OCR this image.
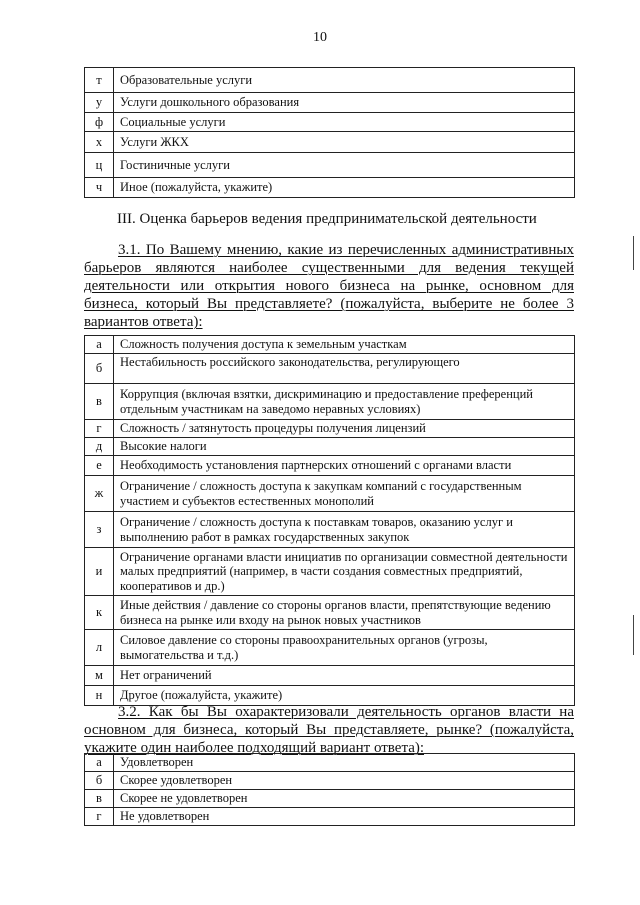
10
т	Образовательные услуги
у	Услуги дошкольного образования
ф	Социальные услуги
х	Услуги ЖКХ
ц	Гостиничные услуги
ч	Иное (пожалуйста, укажите)
III. Оценка барьеров ведения предпринимательской деятельности

3.1. По Вашему мнению, какие из перечисленных административных барьеров являются наиболее существенными для ведения текущей деятельности или открытия нового бизнеса на рынке, основном для бизнеса, который Вы представляете? (пожалуйста, выберите не более 3 вариантов ответа):

а	Сложность получения доступа к земельным участкам
б	Нестабильность российского законодательства, регулирующего
в	Коррупция (включая взятки, дискриминацию и предоставление преференций отдельным участникам на заведомо неравных условиях)
г	Сложность / затянутость процедуры получения лицензий
д	Высокие налоги
е	Необходимость установления партнерских отношений с органами власти
ж	Ограничение / сложность доступа к закупкам компаний с государственным участием и субъектов естественных монополий
з	Ограничение / сложность доступа к поставкам товаров, оказанию услуг и выполнению работ в рамках государственных закупок
и	Ограничение органами власти инициатив по организации совместной деятельности малых предприятий (например, в части создания совместных предприятий, кооперативов и др.)
к	Иные действия / давление со стороны органов власти, препятствующие ведению бизнеса на рынке или входу на рынок новых участников
л	Силовое давление со стороны правоохранительных органов (угрозы, вымогательства и т.д.)
м	Нет ограничений
н	Другое (пожалуйста, укажите)

3.2. Как бы Вы охарактеризовали деятельность органов власти на основном для бизнеса, который Вы представляете, рынке? (пожалуйста, укажите один наиболее подходящий вариант ответа):

а	Удовлетворен
б	Скорее удовлетворен
в	Скорее не удовлетворен
г	Не удовлетворен
